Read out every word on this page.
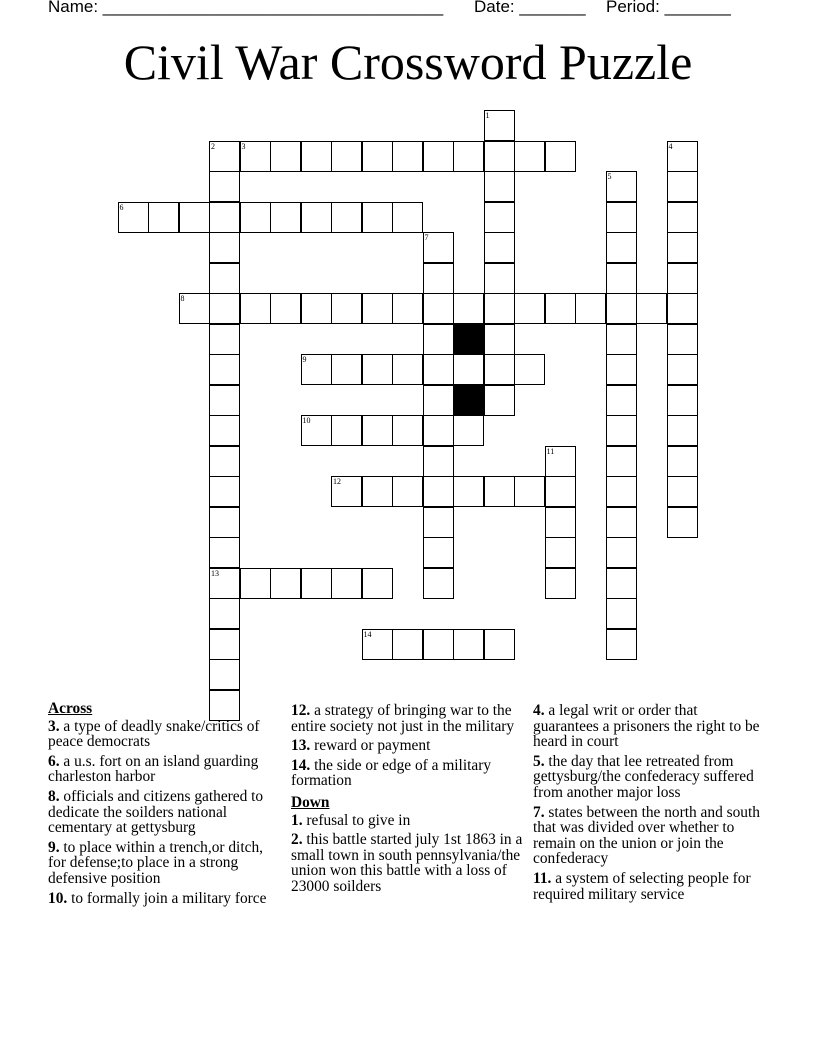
Name: ____________________________________ Date: _______ Period: _______
Civil War Crossword Puzzle
3
6
8
9
10
12
13
14
1
2	4
5
7
11
Across
3. a type of deadly snake/critics of peace democrats
6. a u.s. fort on an island guarding charleston harbor
8. officials and citizens gathered to dedicate the soilders national cementary at gettysburg
9. to place within a trench,or ditch, for defense;to place in a strong defensive position
10. to formally join a military force
12. a strategy of bringing war to the entire society not just in the military
13. reward or payment
14. the side or edge of a military formation
Down
1. refusal to give in
2. this battle started july 1st 1863 in a small town in south pennsylvania/the union won this battle with a loss of 23000 soilders
4. a legal writ or order that guarantees a prisoners the right to be heard in court
5. the day that lee retreated from gettysburg/the confederacy suffered from another major loss
7. states between the north and south that was divided over whether to remain on the union or join the confederacy
11. a system of selecting people for required military service
